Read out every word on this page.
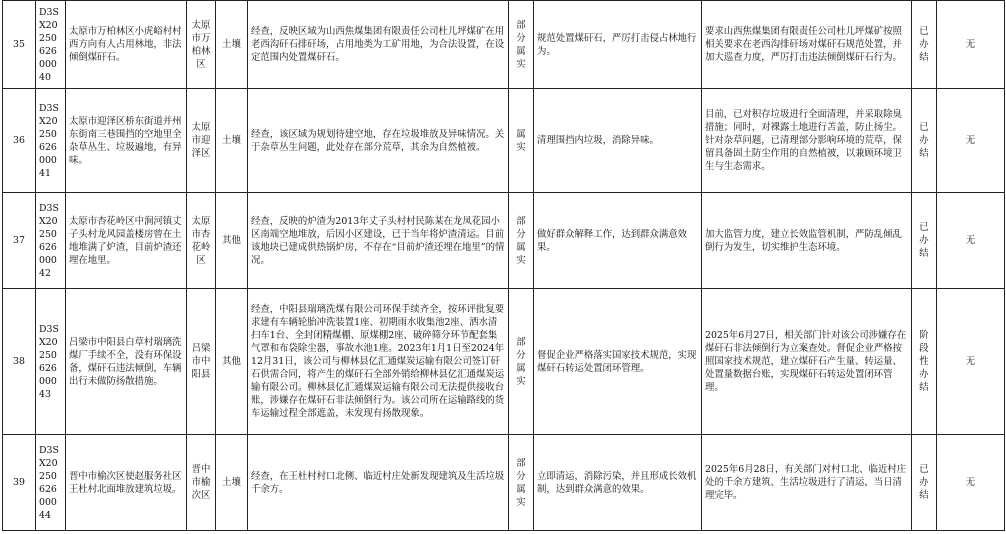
35	D3SX2025062600040	太原市万柏林区小虎峪村村西方向有人占用林地，非法倾倒煤矸石。	太原市万柏林区	土壤	经查，反映区域为山西焦煤集团有限责任公司杜儿坪煤矿在用老西沟矸石排矸场，占用地类为工矿用地，为合法设置，在设定范围内处置煤矸石。	部分属实	规范处置煤矸石，严厉打击侵占林地行为。	要求山西焦煤集团有限责任公司杜儿坪煤矿按照相关要求在老西沟排矸场对煤矸石规范处置，并加大巡查力度，严厉打击违法倾倒煤矸石行为。	已办结	无
36	D3SX2025062600041	太原市迎泽区桥东街道并州东街南三巷围挡的空地里全杂草丛生、垃圾遍地，有异味。	太原市迎泽区	土壤	经查，该区域为规划待建空地，存在垃圾堆放及异味情况。关于杂草丛生问题，此处存在部分荒草，其余为自然植被。	属实	清理围挡内垃圾，消除异味。	目前，已对积存垃圾进行全面清理，并采取除臭措施；同时，对裸露土地进行苫盖，防止扬尘。针对杂草问题，已清理部分影响环境的荒草，保留具备固土防尘作用的自然植被，以兼顾环境卫生与生态需求。	已办结	无
37	D3SX2025062600042	太原市杏花岭区中涧河镇丈子头村龙风园盖楼房曾在土地堆满了炉渣，目前炉渣还埋在地里。	太原市杏花岭区	其他	经查，反映的炉渣为2013年丈子头村村民陈某在龙凤花园小区南端空地堆放，后因小区建设，已于当年将炉渣清运。目前该地块已建成供热锅炉房，不存在“目前炉渣还埋在地里”的情况。	部分属实	做好群众解释工作，达到群众满意效果。	加大监管力度，建立长效监管机制，严防乱倾乱倒行为发生，切实维护生态环境。	已办结	无
38	D3SX2025062600043	吕梁市中阳县白草村瑞璃洗煤厂手续不全，没有环保设备，煤矸石违法倾倒，车辆出行未做防扬散措施。	吕梁市中阳县	其他	经查，中阳县瑞璃洗煤有限公司环保手续齐全，按环评批复要求建有车辆轮胎冲洗装置1座、初期雨水收集池2座、洒水清扫车1台、全封闭精煤棚、原煤棚2座、破碎筛分环节配套集气罩和布袋除尘器，事故水池1座。2023年1月1日至2024年12月31日，该公司与柳林县亿汇通煤炭运输有限公司签订矸石供需合同，将产生的煤矸石全部外销给柳林县亿汇通煤炭运输有限公司。柳林县亿汇通煤炭运输有限公司无法提供接收台账，涉嫌存在煤矸石非法倾倒行为。该公司所在运输路线的货车运输过程全部遮盖，未发现有扬散现象。	部分属实	督促企业严格落实国家技术规范，实现煤矸石转运处置闭环管理。	2025年6月27日，相关部门针对该公司涉嫌存在煤矸石非法倾倒行为立案查处。督促企业严格按照国家技术规范，建立煤矸石产生量、转运量、处置量数据台账，实现煤矸石转运处置闭环管理。	阶段性办结	无
39	D3SX2025062600044	晋中市榆次区使赵服务社区王杜村北面堆放建筑垃圾。	晋中市榆次区	土壤	经查，在王杜村村口北侧、临近村庄处新发现建筑及生活垃圾千余方。	部分属实	立即清运，消除污染，并且形成长效机制，达到群众满意的效果。	2025年6月28日，有关部门对村口北、临近村庄处的千余方建筑、生活垃圾进行了清运，当日清理完毕。	已办结	无
